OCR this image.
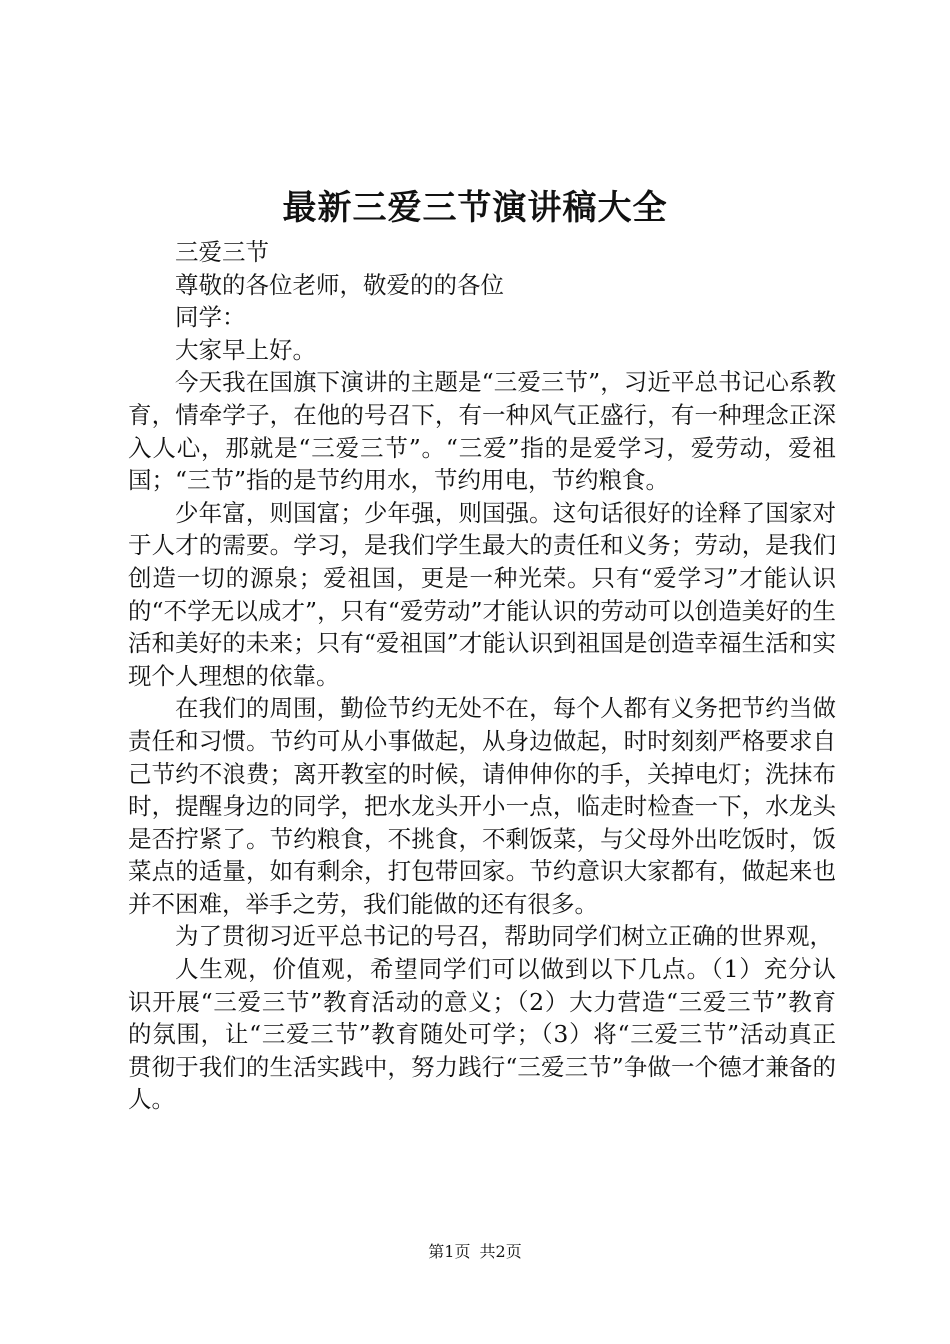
最新三爱三节演讲稿大全

三爱三节

尊敬的各位老师，敬爱的的各位

同学：

大家早上好。

今天我在国旗下演讲的主题是“三爱三节”，习近平总书记心系教育，情牵学子，在他的号召下，有一种风气正盛行，有一种理念正深入人心，那就是“三爱三节”。“三爱”指的是爱学习，爱劳动，爱祖国；“三节”指的是节约用水，节约用电，节约粮食。

少年富，则国富；少年强，则国强。这句话很好的诠释了国家对于人才的需要。学习，是我们学生最大的责任和义务；劳动，是我们创造一切的源泉；爱祖国，更是一种光荣。只有“爱学习”才能认识的“不学无以成才”，只有“爱劳动”才能认识的劳动可以创造美好的生活和美好的未来；只有“爱祖国”才能认识到祖国是创造幸福生活和实现个人理想的依靠。

在我们的周围，勤俭节约无处不在，每个人都有义务把节约当做责任和习惯。节约可从小事做起，从身边做起，时时刻刻严格要求自己节约不浪费；离开教室的时候，请伸伸你的手，关掉电灯；洗抹布时，提醒身边的同学，把水龙头开小一点，临走时检查一下，水龙头是否拧紧了。节约粮食，不挑食，不剩饭菜，与父母外出吃饭时，饭菜点的适量，如有剩余，打包带回家。节约意识大家都有，做起来也并不困难，举手之劳，我们能做的还有很多。

为了贯彻习近平总书记的号召，帮助同学们树立正确的世界观，

人生观，价值观，希望同学们可以做到以下几点。（1）充分认识开展“三爱三节”教育活动的意义；（2）大力营造“三爱三节”教育的氛围，让“三爱三节”教育随处可学；（3）将“三爱三节”活动真正贯彻于我们的生活实践中，努力践行“三爱三节”争做一个德才兼备的人。

第1页 共2页
